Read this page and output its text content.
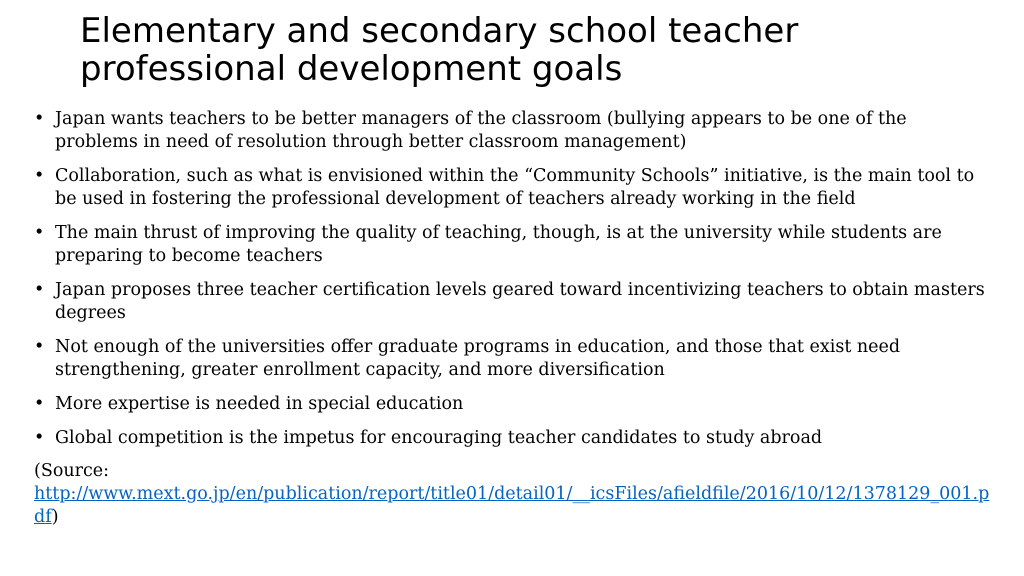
Elementary and secondary school teacher
professional development goals
• Japan wants teachers to be better managers of the classroom (bullying appears to be one of the problems in need of resolution through better classroom management)
• Collaboration, such as what is envisioned within the “Community Schools” initiative, is the main tool to be used in fostering the professional development of teachers already working in the field
• The main thrust of improving the quality of teaching, though, is at the university while students are preparing to become teachers
• Japan proposes three teacher certification levels geared toward incentivizing teachers to obtain masters degrees
• Not enough of the universities offer graduate programs in education, and those that exist need strengthening, greater enrollment capacity, and more diversification
• More expertise is needed in special education
• Global competition is the impetus for encouraging teacher candidates to study abroad
(Source:
http://www.mext.go.jp/en/publication/report/title01/detail01/__icsFiles/afieldfile/2016/10/12/1378129_001.pdf)
